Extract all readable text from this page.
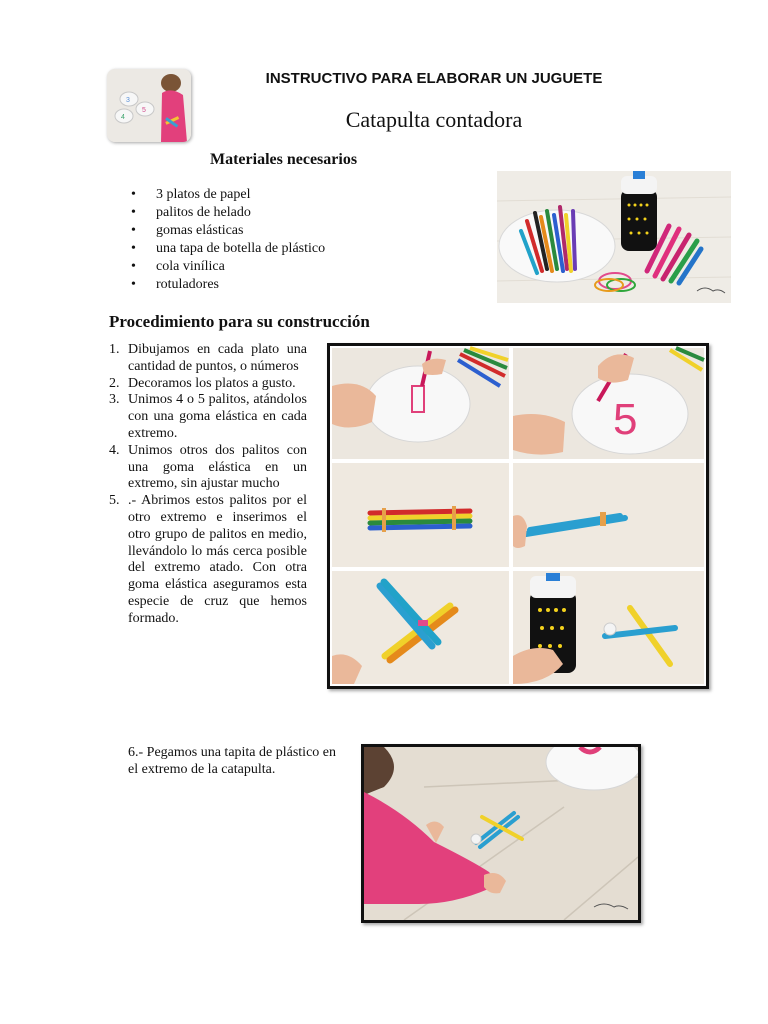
3
5
4
INSTRUCTIVO PARA ELABORAR UN JUGUETE
Catapulta contadora
Materiales necesarios
• 3 platos de papel
• palitos de helado
• gomas elásticas
• una tapa de botella de plástico
• cola vinílica
• rotuladores
Procedimiento para su construcción
1. Dibujamos en cada plato una cantidad de puntos, o números
2. Decoramos los platos a gusto.
3. Unimos 4 o 5 palitos, atándolos con una goma elástica en cada extremo.
4. Unimos otros dos palitos con una goma elástica en un extremo, sin ajustar mucho
5. .- Abrimos estos palitos por el otro extremo e inserimos el otro grupo de palitos en medio, llevándolo lo más cerca posible del extremo atado. Con otra goma elástica aseguramos esta especie de cruz que hemos formado.
5
6.- Pegamos una tapita de plástico en el extremo de la catapulta.
